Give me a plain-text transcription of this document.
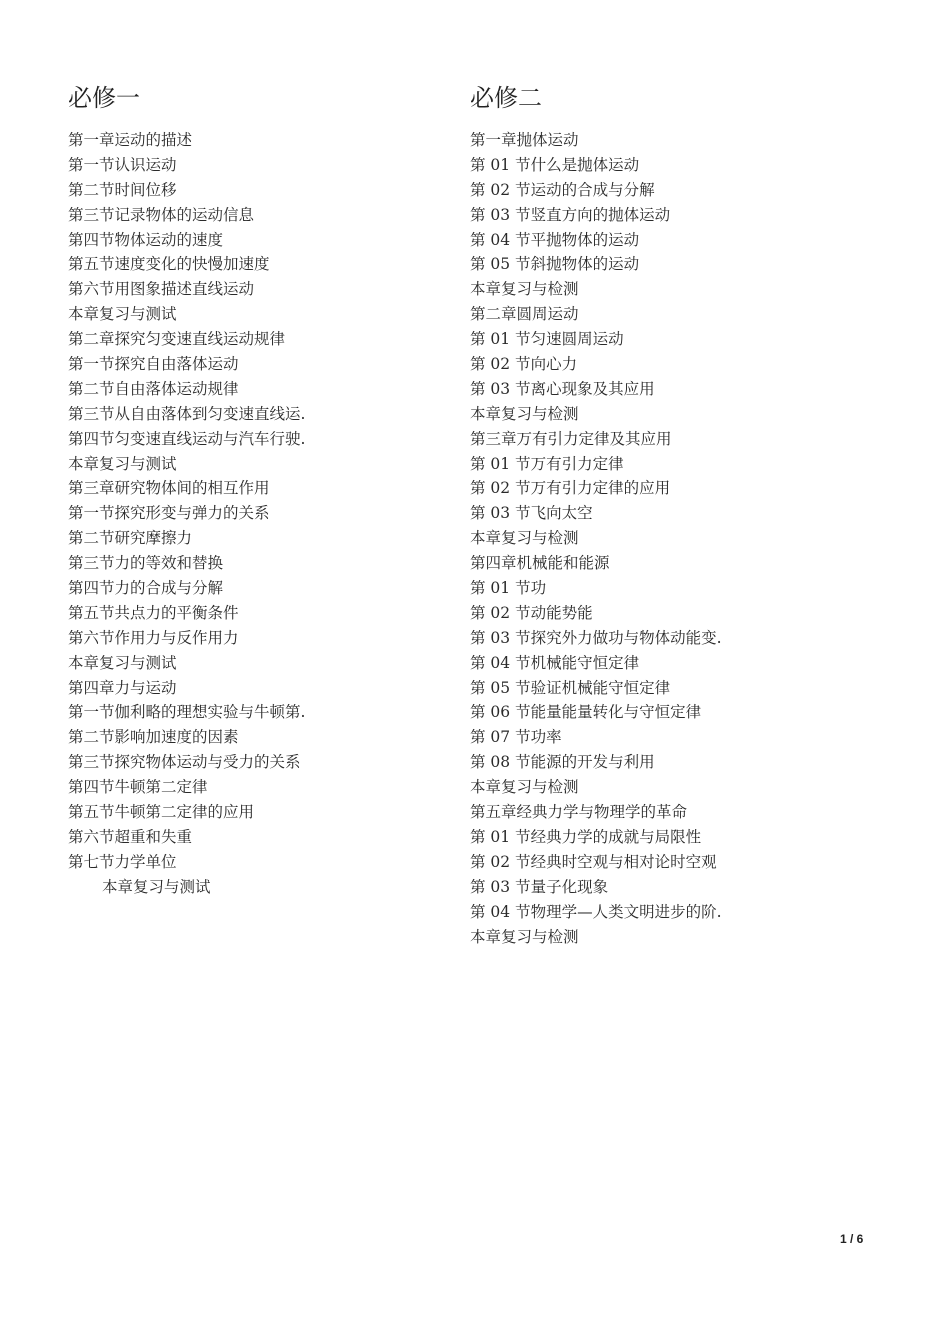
必修一
第一章运动的描述
第一节认识运动
第二节时间位移
第三节记录物体的运动信息
第四节物体运动的速度
第五节速度变化的快慢加速度
第六节用图象描述直线运动
本章复习与测试
第二章探究匀变速直线运动规律
第一节探究自由落体运动
第二节自由落体运动规律
第三节从自由落体到匀变速直线运.
第四节匀变速直线运动与汽车行驶.
本章复习与测试
第三章研究物体间的相互作用
第一节探究形变与弹力的关系
第二节研究摩擦力
第三节力的等效和替换
第四节力的合成与分解
第五节共点力的平衡条件
第六节作用力与反作用力
本章复习与测试
第四章力与运动
第一节伽利略的理想实验与牛顿第.
第二节影响加速度的因素
第三节探究物体运动与受力的关系
第四节牛顿第二定律
第五节牛顿第二定律的应用
第六节超重和失重
第七节力学单位
本章复习与测试
必修二
第一章抛体运动
第 01 节什么是抛体运动
第 02 节运动的合成与分解
第 03 节竖直方向的抛体运动
第 04 节平抛物体的运动
第 05 节斜抛物体的运动
本章复习与检测
第二章圆周运动
第 01 节匀速圆周运动
第 02 节向心力
第 03 节离心现象及其应用
本章复习与检测
第三章万有引力定律及其应用
第 01 节万有引力定律
第 02 节万有引力定律的应用
第 03 节飞向太空
本章复习与检测
第四章机械能和能源
第 01 节功
第 02 节动能势能
第 03 节探究外力做功与物体动能变.
第 04 节机械能守恒定律
第 05 节验证机械能守恒定律
第 06 节能量能量转化与守恒定律
第 07 节功率
第 08 节能源的开发与利用
本章复习与检测
第五章经典力学与物理学的革命
第 01 节经典力学的成就与局限性
第 02 节经典时空观与相对论时空观
第 03 节量子化现象
第 04 节物理学—人类文明进步的阶.
本章复习与检测
1 / 6
